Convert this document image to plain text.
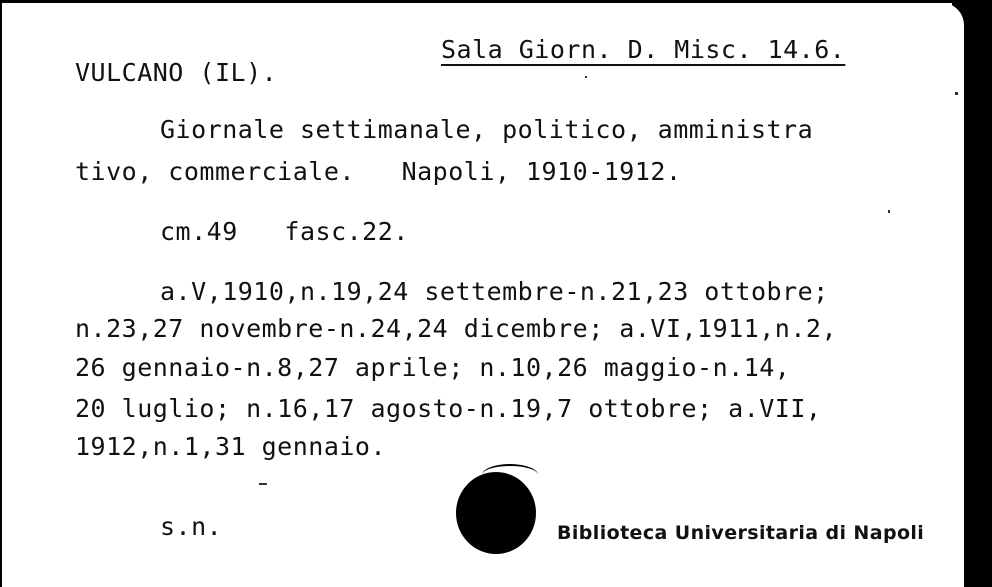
Sala Giorn. D. Misc. 14.6.
VULCANO (IL).
Giornale settimanale, politico, amministra
tivo, commerciale.   Napoli, 1910-1912.
cm.49   fasc.22.
a.V,1910,n.19,24 settembre-n.21,23 ottobre;
n.23,27 novembre-n.24,24 dicembre; a.VI,1911,n.2,
26 gennaio-n.8,27 aprile; n.10,26 maggio-n.14,
20 luglio; n.16,17 agosto-n.19,7 ottobre; a.VII,
1912,n.1,31 gennaio.
s.n.	Biblioteca Universitaria di Napoli
